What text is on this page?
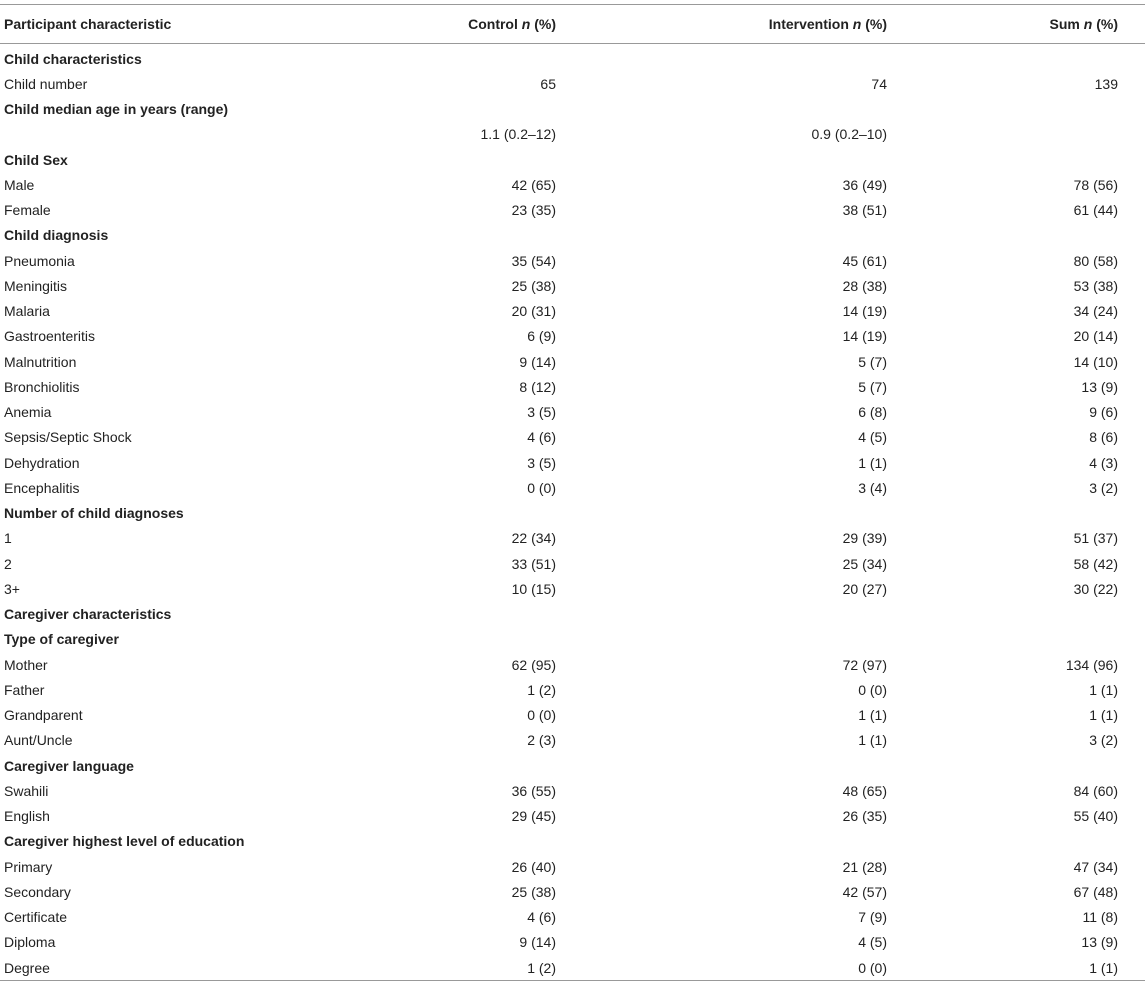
Participant characteristic	Control n (%)	Intervention n (%)	Sum n (%)
Child characteristics			
Child number	65	74	139
Child median age in years (range)			
	1.1 (0.2–12)	0.9 (0.2–10)	
Child Sex			
Male	42 (65)	36 (49)	78 (56)
Female	23 (35)	38 (51)	61 (44)
Child diagnosis			
Pneumonia	35 (54)	45 (61)	80 (58)
Meningitis	25 (38)	28 (38)	53 (38)
Malaria	20 (31)	14 (19)	34 (24)
Gastroenteritis	6 (9)	14 (19)	20 (14)
Malnutrition	9 (14)	5 (7)	14 (10)
Bronchiolitis	8 (12)	5 (7)	13 (9)
Anemia	3 (5)	6 (8)	9 (6)
Sepsis/Septic Shock	4 (6)	4 (5)	8 (6)
Dehydration	3 (5)	1 (1)	4 (3)
Encephalitis	0 (0)	3 (4)	3 (2)
Number of child diagnoses			
1	22 (34)	29 (39)	51 (37)
2	33 (51)	25 (34)	58 (42)
3+	10 (15)	20 (27)	30 (22)
Caregiver characteristics			
Type of caregiver			
Mother	62 (95)	72 (97)	134 (96)
Father	1 (2)	0 (0)	1 (1)
Grandparent	0 (0)	1 (1)	1 (1)
Aunt/Uncle	2 (3)	1 (1)	3 (2)
Caregiver language			
Swahili	36 (55)	48 (65)	84 (60)
English	29 (45)	26 (35)	55 (40)
Caregiver highest level of education			
Primary	26 (40)	21 (28)	47 (34)
Secondary	25 (38)	42 (57)	67 (48)
Certificate	4 (6)	7 (9)	11 (8)
Diploma	9 (14)	4 (5)	13 (9)
Degree	1 (2)	0 (0)	1 (1)
